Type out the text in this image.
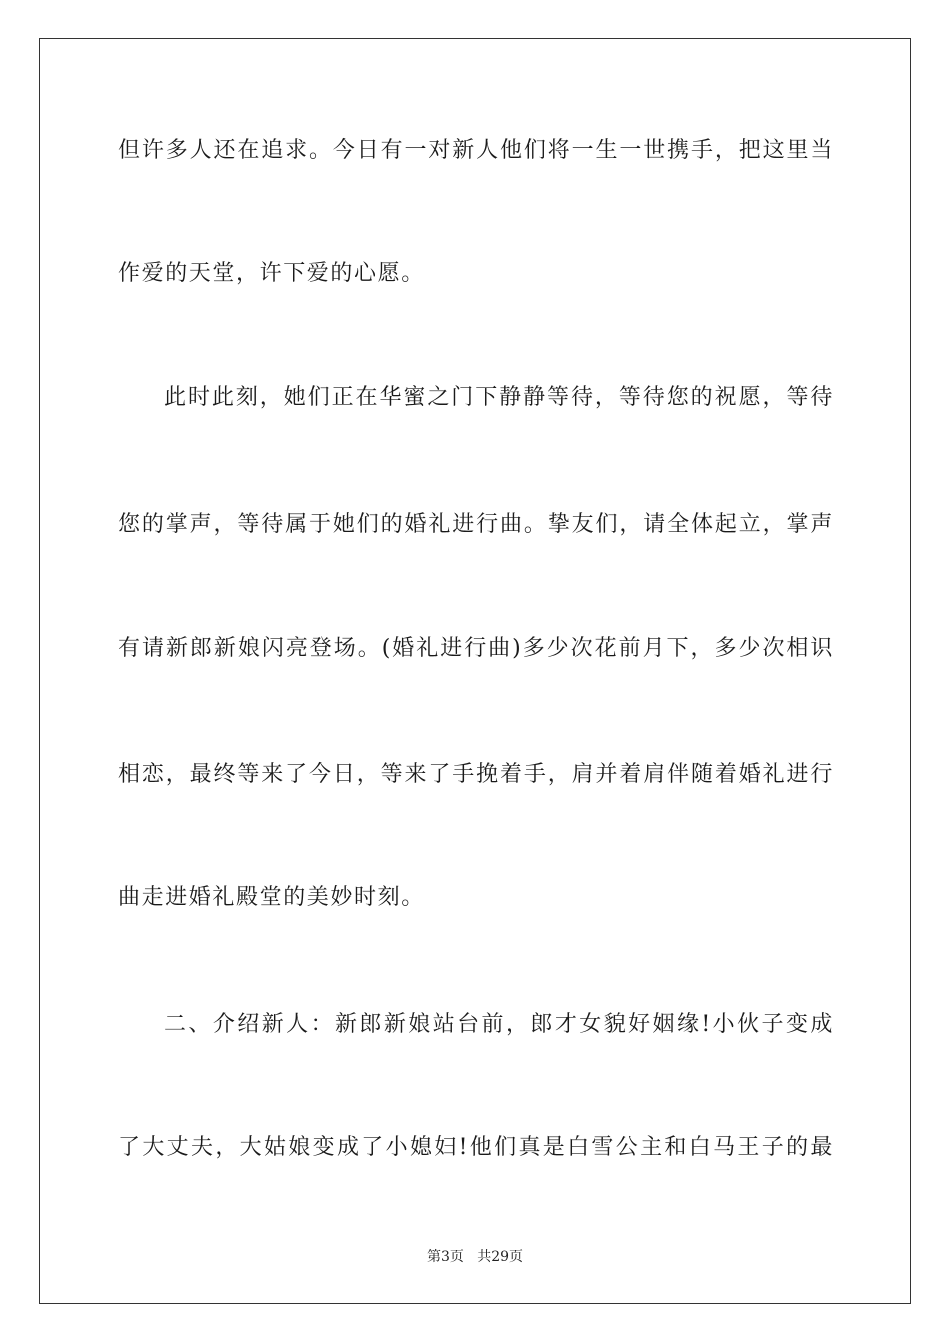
但许多人还在追求。今日有一对新人他们将一生一世携手，把这里当

作爱的天堂，许下爱的心愿。

此时此刻，她们正在华蜜之门下静静等待，等待您的祝愿，等待

您的掌声，等待属于她们的婚礼进行曲。挚友们，请全体起立，掌声

有请新郎新娘闪亮登场。(婚礼进行曲)多少次花前月下，多少次相识

相恋，最终等来了今日，等来了手挽着手，肩并着肩伴随着婚礼进行

曲走进婚礼殿堂的美妙时刻。

二、介绍新人：新郎新娘站台前，郎才女貌好姻缘!小伙子变成

了大丈夫，大姑娘变成了小媳妇!他们真是白雪公主和白马王子的最

第3页   共29页
